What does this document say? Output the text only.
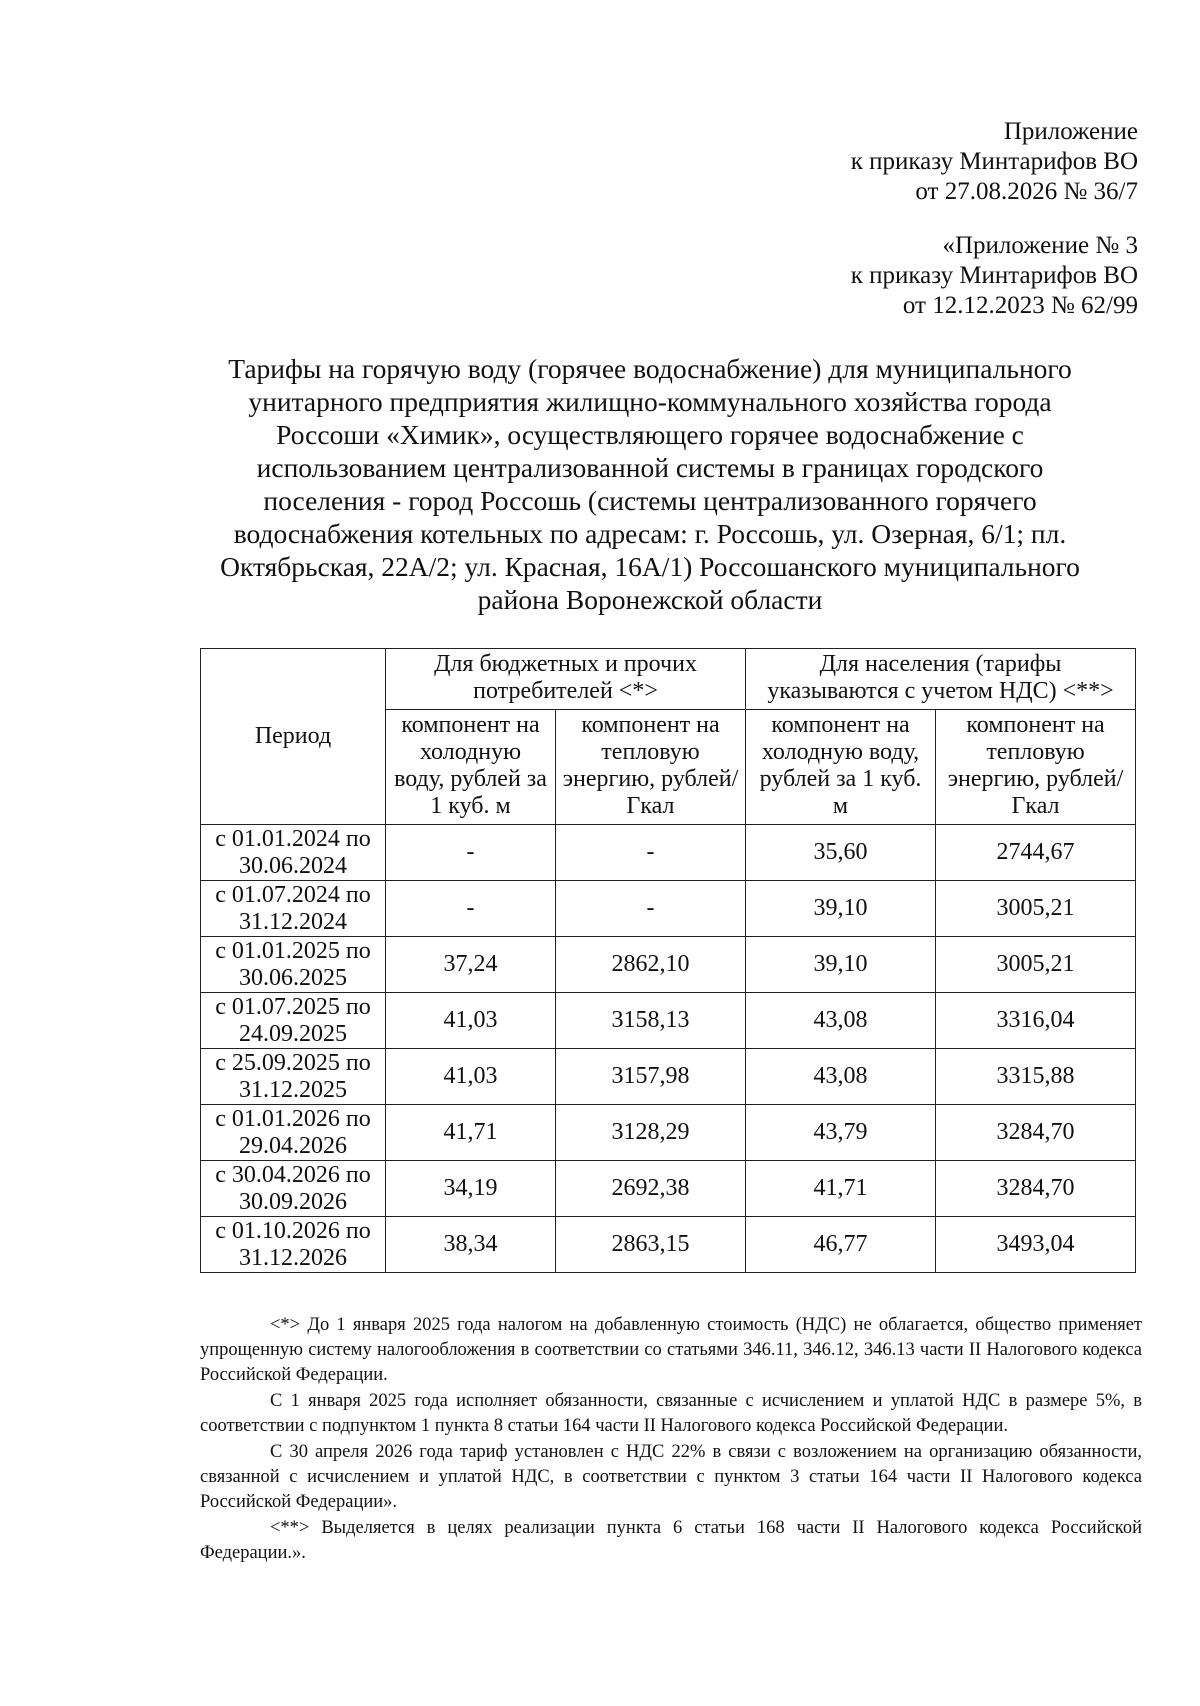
Приложение
к приказу Минтарифов ВО
от 27.08.2026 № 36/7
«Приложение № 3
к приказу Минтарифов ВО
от 12.12.2023 № 62/99
Тарифы на горячую воду (горячее водоснабжение) для муниципального
унитарного предприятия жилищно-коммунального хозяйства города
Россоши «Химик», осуществляющего горячее водоснабжение с
использованием централизованной системы в границах городского
поселения - город Россошь (системы централизованного горячего
водоснабжения котельных по адресам: г. Россошь, ул. Озерная, 6/1; пл.
Октябрьская, 22А/2; ул. Красная, 16А/1) Россошанского муниципального
района Воронежской области
Период	Для бюджетных и прочих потребителей <*>		Для населения (тарифы указываются с учетом НДС) <**>	
	компонент на холодную воду, рублей за 1 куб. м	компонент на тепловую энергию, рублей/Гкал	компонент на холодную воду, рублей за 1 куб. м	компонент на тепловую энергию, рублей/Гкал

с 01.01.2024 по
30.06.2024	-	-	35,60	2744,67

с 01.07.2024 по
31.12.2024	-	-	39,10	3005,21

с 01.01.2025 по
30.06.2025	37,24	2862,10	39,10	3005,21

с 01.07.2025 по
24.09.2025	41,03	3158,13	43,08	3316,04

с 25.09.2025 по
31.12.2025	41,03	3157,98	43,08	3315,88

с 01.01.2026 по
29.04.2026	41,71	3128,29	43,79	3284,70

с 30.04.2026 по
30.09.2026	34,19	2692,38	41,71	3284,70

с 01.10.2026 по
31.12.2026	38,34	2863,15	46,77	3493,04

<*> До 1 января 2025 года налогом на добавленную стоимость (НДС) не облагается, общество применяет упрощенную систему налогообложения в соответствии со статьями 346.11, 346.12, 346.13 части II Налогового кодекса Российской Федерации.

С 1 января 2025 года исполняет обязанности, связанные с исчислением и уплатой НДС в размере 5%, в соответствии с подпунктом 1 пункта 8 статьи 164 части II Налогового кодекса Российской Федерации.

С 30 апреля 2026 года тариф установлен с НДС 22% в связи с возложением на организацию обязанности, связанной с исчислением и уплатой НДС, в соответствии с пунктом 3 статьи 164 части II Налогового кодекса Российской Федерации».

<**> Выделяется в целях реализации пункта 6 статьи 168 части II Налогового кодекса Российской Федерации.».
